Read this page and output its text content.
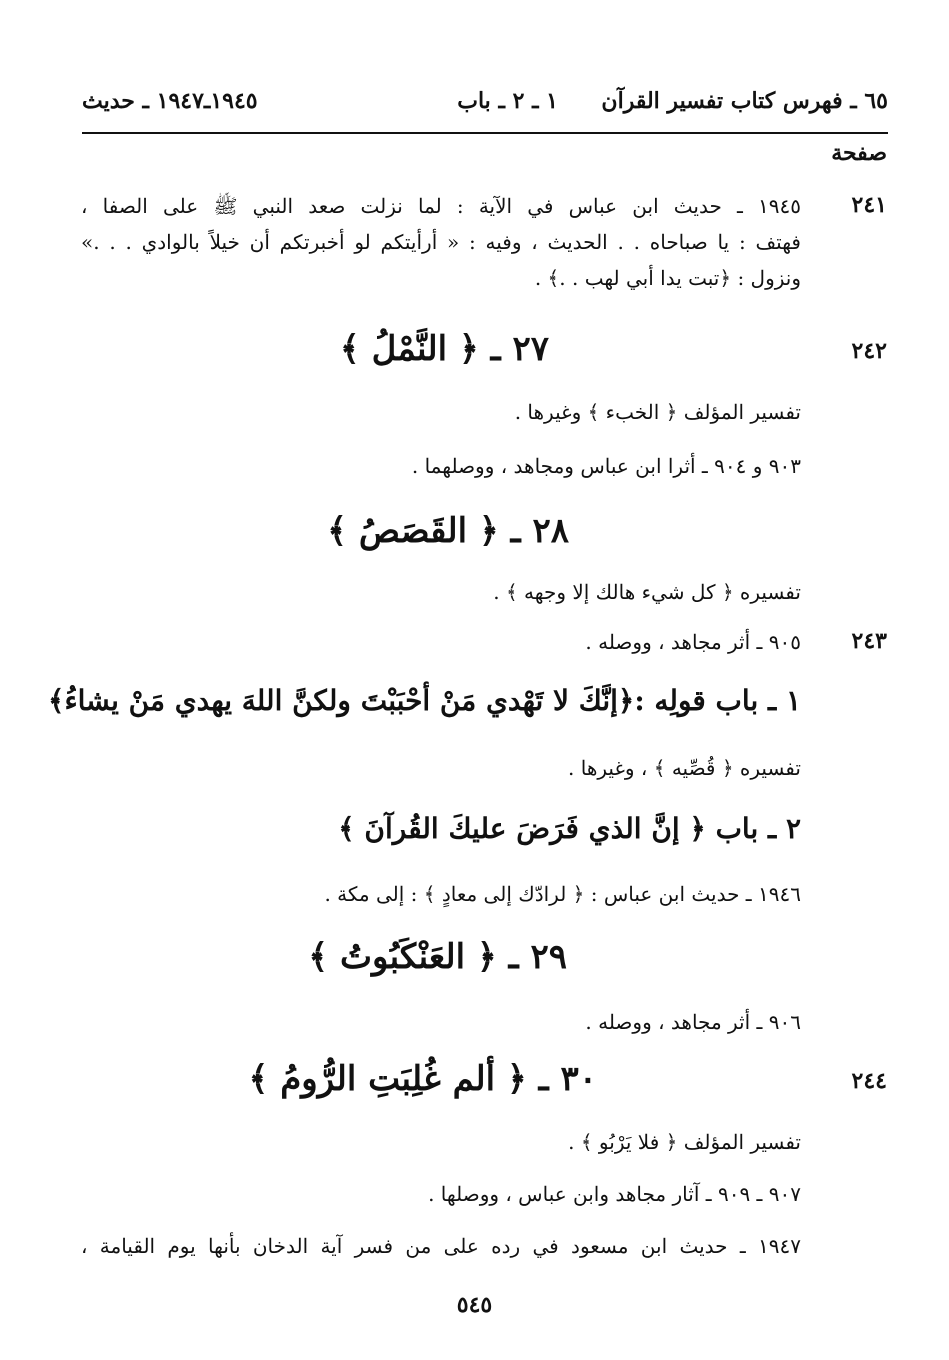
٦٥ ـ فهرس كتاب تفسير القرآن
١ ـ ٢ ـ باب
١٩٤٥ـ١٩٤٧ ـ حديث
صفحة
٢٤١
١٩٤٥ ـ حديث ابن عباس في الآية : لما نزلت صعد النبي ﷺ على الصفا ،
فهتف : يا صباحاه . . الحديث ، وفيه : « أرأيتكم لو أخبرتكم أن خيلاً بالوادي . . .»
ونزول : ﴿تبت يدا أبي لهب . .﴾ .
٢٤٢
٢٧ ـ ﴿ النَّمْلُ ﴾
تفسير المؤلف ﴿ الخبء ﴾ وغيرها .
٩٠٣ و ٩٠٤ ـ أثرا ابن عباس ومجاهد ، ووصلهما .
٢٨ ـ ﴿ القَصَصُ ﴾
تفسيره ﴿ كل شيء هالك إلا وجهه ﴾ .
٢٤٣
٩٠٥ ـ أثر مجاهد ، ووصله .
١ ـ باب قولِه :﴿إنَّكَ لا تَهْدي مَنْ أحْبَبْتَ ولكنَّ اللهَ يهدي مَنْ يشاءُ﴾
تفسيره ﴿ قُصِّيه ﴾ ، وغيرها .
٢ ـ باب ﴿ إنَّ الذي فَرَضَ عليكَ القُرآنَ ﴾
١٩٤٦ ـ حديث ابن عباس : ﴿ لرادّك إلى معادٍ ﴾ : إلى مكة .
٢٩ ـ ﴿ العَنْكَبُوتُ ﴾
٩٠٦ ـ أثر مجاهد ، ووصله .
٢٤٤
٣٠ ـ ﴿ ألم غُلِبَتِ الرُّومُ ﴾
تفسير المؤلف ﴿ فلا يَرْبُو ﴾ .
٩٠٧ ـ ٩٠٩ ـ آثار مجاهد وابن عباس ، ووصلها .
١٩٤٧ ـ حديث ابن مسعود في رده على من فسر آية الدخان بأنها يوم القيامة ،
٥٤٥
